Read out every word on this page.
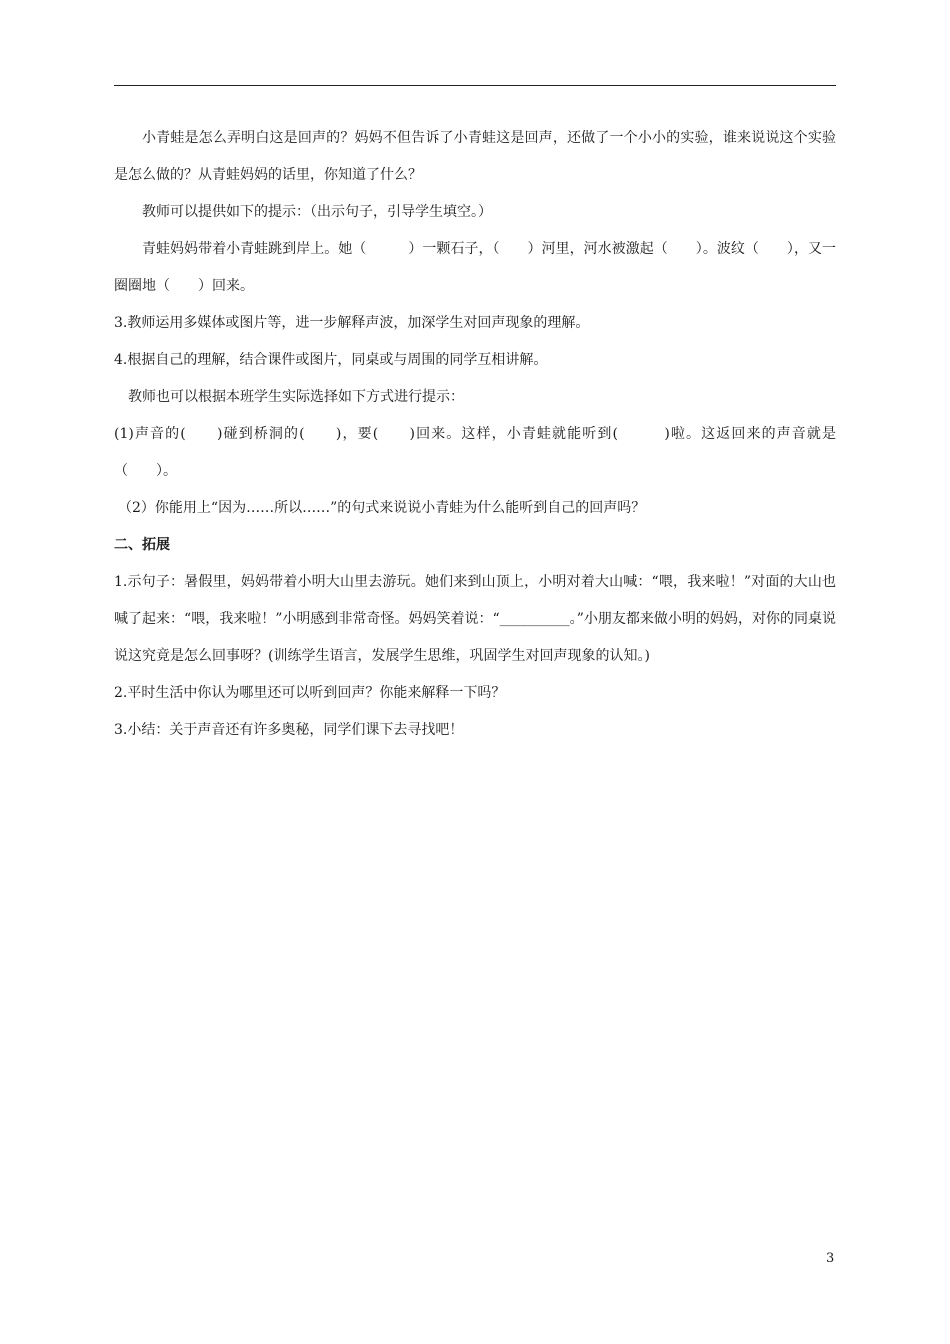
小青蛙是怎么弄明白这是回声的？妈妈不但告诉了小青蛙这是回声，还做了一个小小的实验，谁来说说这个实验是怎么做的？从青蛙妈妈的话里，你知道了什么？

教师可以提供如下的提示：（出示句子，引导学生填空。）

青蛙妈妈带着小青蛙跳到岸上。她（　　　）一颗石子，（　　）河里，河水被激起（　　）。波纹（　　），又一圈圈地（　　）回来。

3.教师运用多媒体或图片等，进一步解释声波，加深学生对回声现象的理解。

4.根据自己的理解，结合课件或图片，同桌或与周围的同学互相讲解。

教师也可以根据本班学生实际选择如下方式进行提示：

(1)声音的(　　)碰到桥洞的(　　)，要(　　)回来。这样，小青蛙就能听到(　　　)啦。这返回来的声音就是（　　）。

（2）你能用上“因为……所以……”的句式来说说小青蛙为什么能听到自己的回声吗？

二、拓展

1.示句子：暑假里，妈妈带着小明大山里去游玩。她们来到山顶上，小明对着大山喊：“喂，我来啦！”对面的大山也喊了起来：“喂，我来啦！”小明感到非常奇怪。妈妈笑着说：“__________。”小朋友都来做小明的妈妈，对你的同桌说说这究竟是怎么回事呀？(训练学生语言，发展学生思维，巩固学生对回声现象的认知。)

2.平时生活中你认为哪里还可以听到回声？你能来解释一下吗？

3.小结：关于声音还有许多奥秘，同学们课下去寻找吧！

3
